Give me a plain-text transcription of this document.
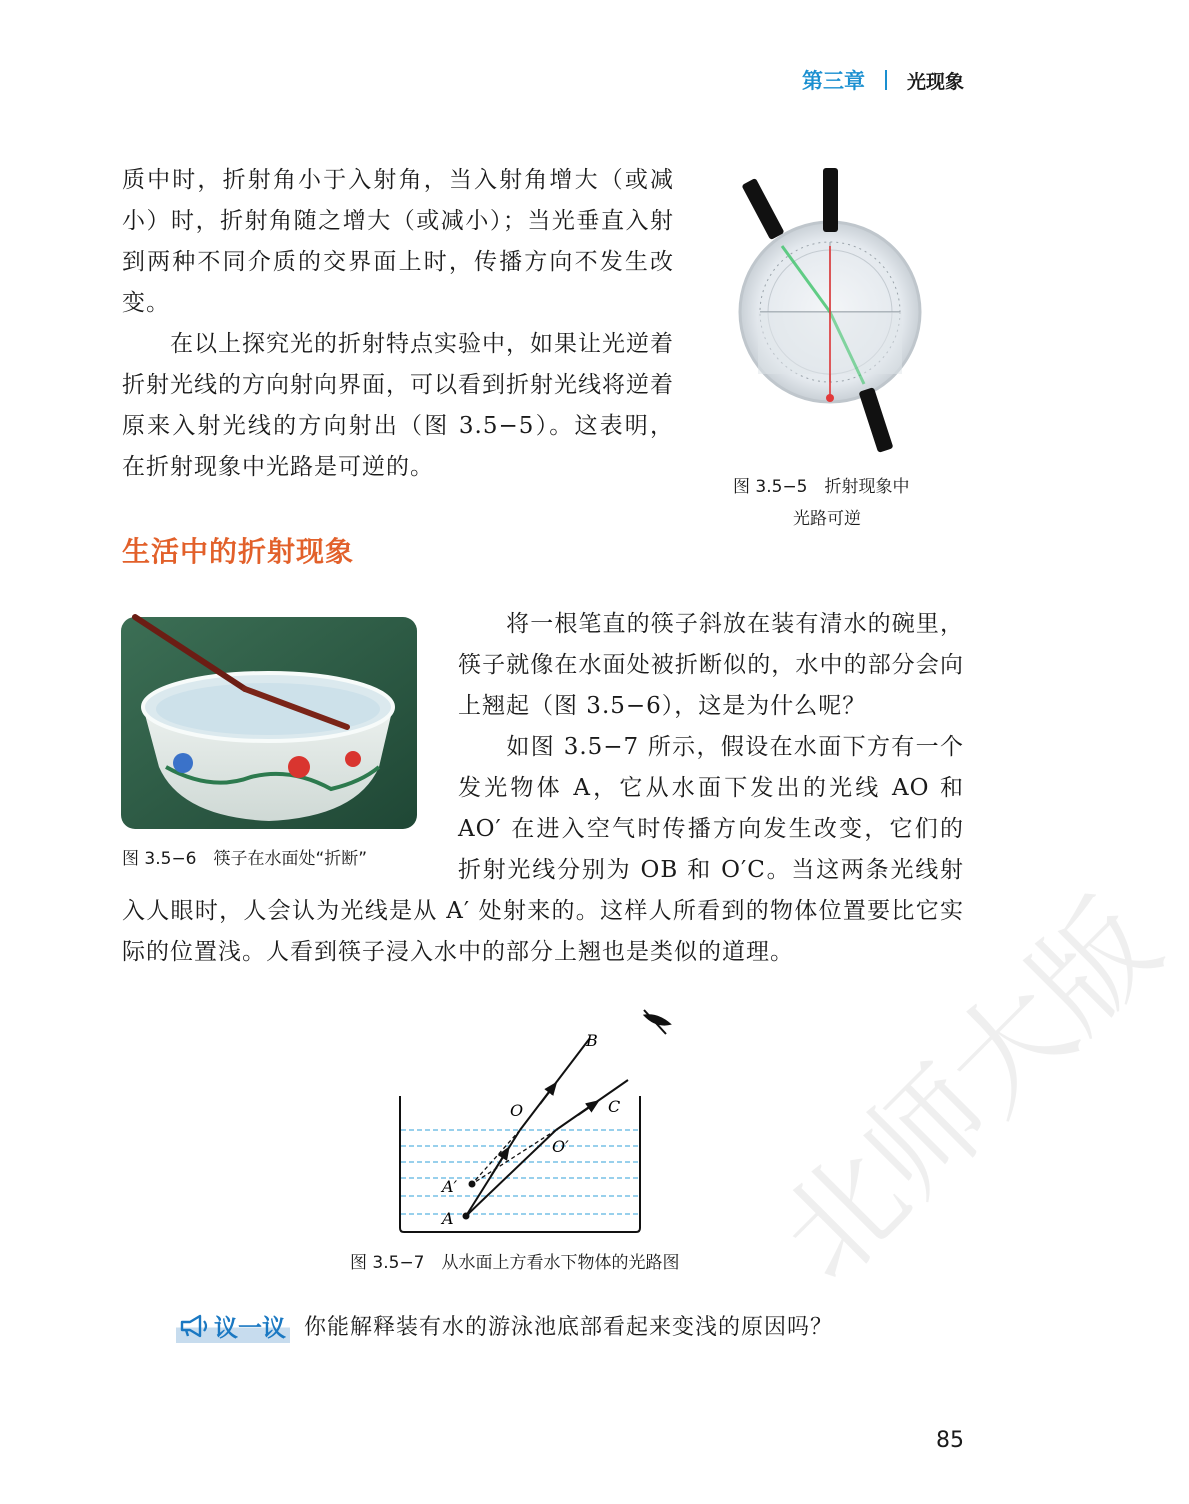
第三章 光现象

质中时，折射角小于入射角，当入射角增大（或减小）时，折射角随之增大（或减小）；当光垂直入射到两种不同介质的交界面上时，传播方向不发生改变。

在以上探究光的折射特点实验中，如果让光逆着折射光线的方向射向界面，可以看到折射光线将逆着原来入射光线的方向射出（图 3.5−5）。这表明，在折射现象中光路是可逆的。

图 3.5−5　折射现象中
光路可逆
生活中的折射现象
图 3.5−6　筷子在水面处“折断”

将一根笔直的筷子斜放在装有清水的碗里，筷子就像在水面处被折断似的，水中的部分会向上翘起（图 3.5−6），这是为什么呢？

如图 3.5−7 所示，假设在水面下方有一个发光物体 A，它从水面下发出的光线 AO 和 AO′ 在进入空气时传播方向发生改变，它们的折射光线分别为 OB 和 O′C。当这两条光线射入人眼时，人会认为光线是从 A′ 处射来的。这样人所看到的物体位置要比它实际的位置浅。人看到筷子浸入水中的部分上翘也是类似的道理。
B
C
O
O′
A′
A
图 3.5−7　从水面上方看水下物体的光路图
议一议 你能解释装有水的游泳池底部看起来变浅的原因吗？
85
北师大版
